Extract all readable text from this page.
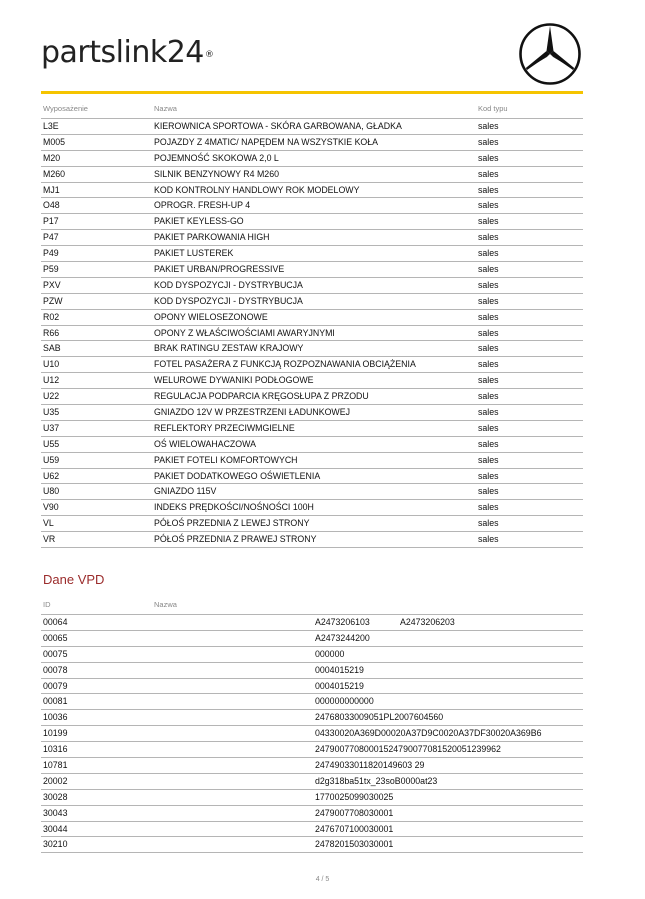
partslink24®
Wyposażenie	Nazwa	Kod typu
L3E	KIEROWNICA SPORTOWA - SKÓRA GARBOWANA, GŁADKA	sales
M005	POJAZDY Z 4MATIC/ NAPĘDEM NA WSZYSTKIE KOŁA	sales
M20	POJEMNOŚĆ SKOKOWA 2,0 L	sales
M260	SILNIK BENZYNOWY R4 M260	sales
MJ1	KOD KONTROLNY HANDLOWY ROK MODELOWY	sales
O48	OPROGR. FRESH-UP 4	sales
P17	PAKIET KEYLESS-GO	sales
P47	PAKIET PARKOWANIA HIGH	sales
P49	PAKIET LUSTEREK	sales
P59	PAKIET URBAN/PROGRESSIVE	sales
PXV	KOD DYSPOZYCJI - DYSTRYBUCJA	sales
PZW	KOD DYSPOZYCJI - DYSTRYBUCJA	sales
R02	OPONY WIELOSEZONOWE	sales
R66	OPONY Z WŁAŚCIWOŚCIAMI AWARYJNYMI	sales
SAB	BRAK RATINGU ZESTAW KRAJOWY	sales
U10	FOTEL PASAŻERA Z FUNKCJĄ ROZPOZNAWANIA OBCIĄŻENIA	sales
U12	WELUROWE DYWANIKI PODŁOGOWE	sales
U22	REGULACJA PODPARCIA KRĘGOSŁUPA Z PRZODU	sales
U35	GNIAZDO 12V W PRZESTRZENI ŁADUNKOWEJ	sales
U37	REFLEKTORY PRZECIWMGIELNE	sales
U55	OŚ WIELOWAHACZOWA	sales
U59	PAKIET FOTELI KOMFORTOWYCH	sales
U62	PAKIET DODATKOWEGO OŚWIETLENIA	sales
U80	GNIAZDO 115V	sales
V90	INDEKS PRĘDKOŚCI/NOŚNOŚCI 100H	sales
VL	PÓŁOŚ PRZEDNIA Z LEWEJ STRONY	sales
VR	PÓŁOŚ PRZEDNIA Z PRAWEJ STRONY	sales
Dane VPD
ID	Nazwa
00064	A2473206103	A2473206203
00065	A2473244200
00075	000000
00078	0004015219
00079	0004015219
00081	000000000000
10036	24768033009051PL2007604560
10199	04330020A369D00020A37D9C0020A37DF30020A369B6
10316	24790077080001524790077081520051239962
10781	24749033011820149603 29
20002	d2g318ba51tx_23soB0000at23
30028	1770025099030025
30043	2479007708030001
30044	2476707100030001
30210	2478201503030001
4 / 5
